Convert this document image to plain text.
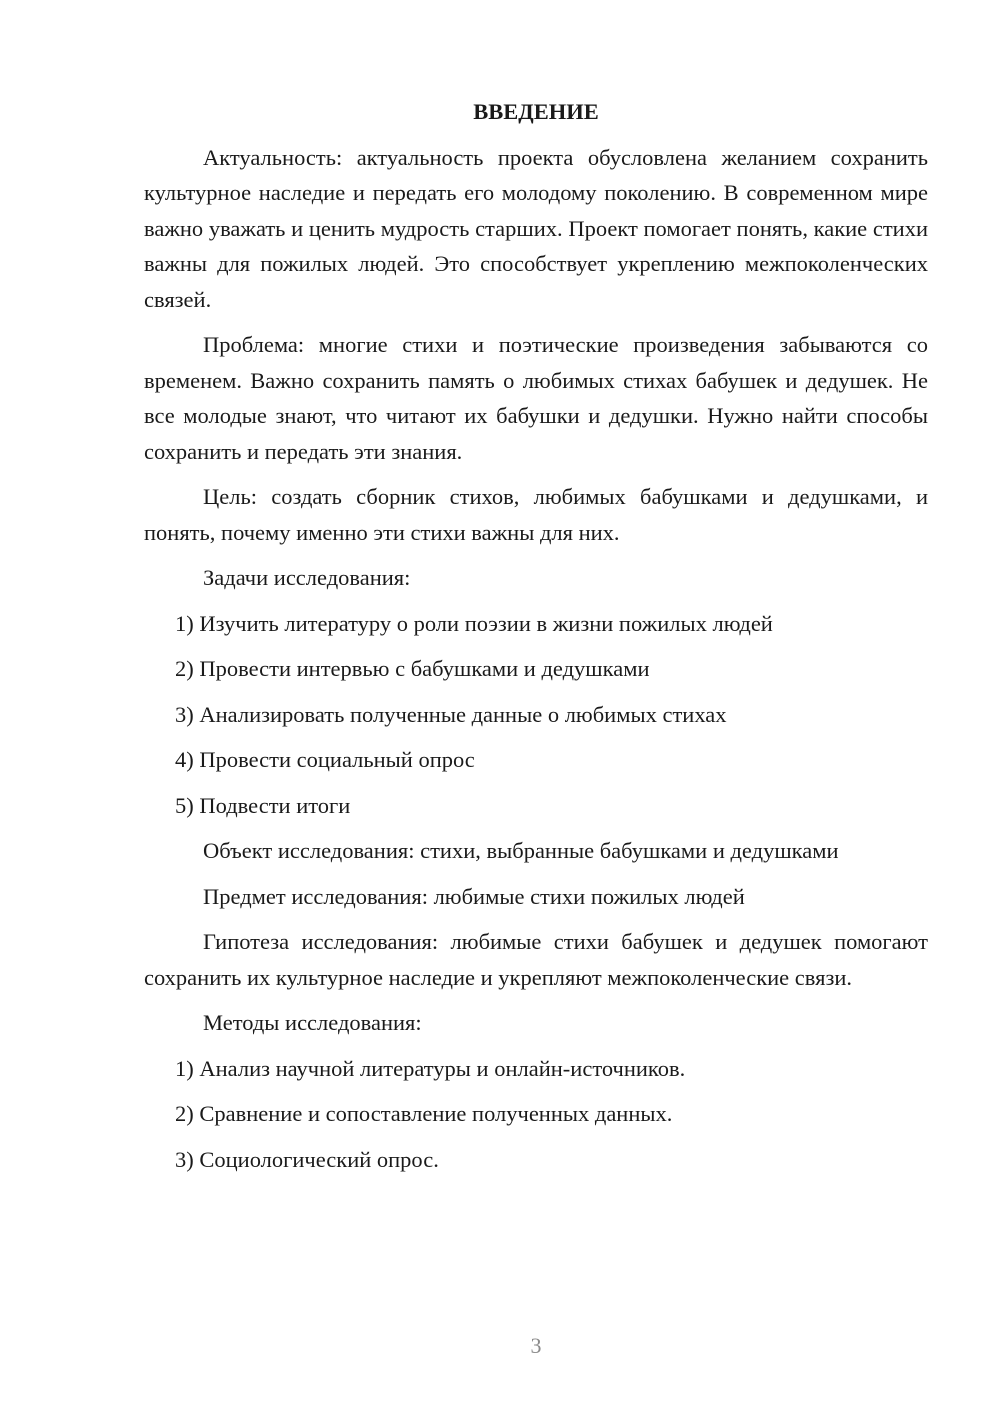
ВВЕДЕНИЕ

Актуальность: актуальность проекта обусловлена желанием сохранить культурное наследие и передать его молодому поколению. В современном мире важно уважать и ценить мудрость старших. Проект помогает понять, какие стихи важны для пожилых людей. Это способствует укреплению межпоколенческих связей.

Проблема: многие стихи и поэтические произведения забываются со временем. Важно сохранить память о любимых стихах бабушек и дедушек. Не все молодые знают, что читают их бабушки и дедушки. Нужно найти способы сохранить и передать эти знания.

Цель: создать сборник стихов, любимых бабушками и дедушками, и понять, почему именно эти стихи важны для них.

Задачи исследования:

1) Изучить литературу о роли поэзии в жизни пожилых людей

2) Провести интервью с бабушками и дедушками

3) Анализировать полученные данные о любимых стихах

4) Провести социальный опрос

5) Подвести итоги

Объект исследования: стихи, выбранные бабушками и дедушками

Предмет исследования: любимые стихи пожилых людей

Гипотеза исследования: любимые стихи бабушек и дедушек помогают сохранить их культурное наследие и укрепляют межпоколенческие связи.

Методы исследования:

1) Анализ научной литературы и онлайн-источников.

2) Сравнение и сопоставление полученных данных.

3) Социологический опрос.

3
